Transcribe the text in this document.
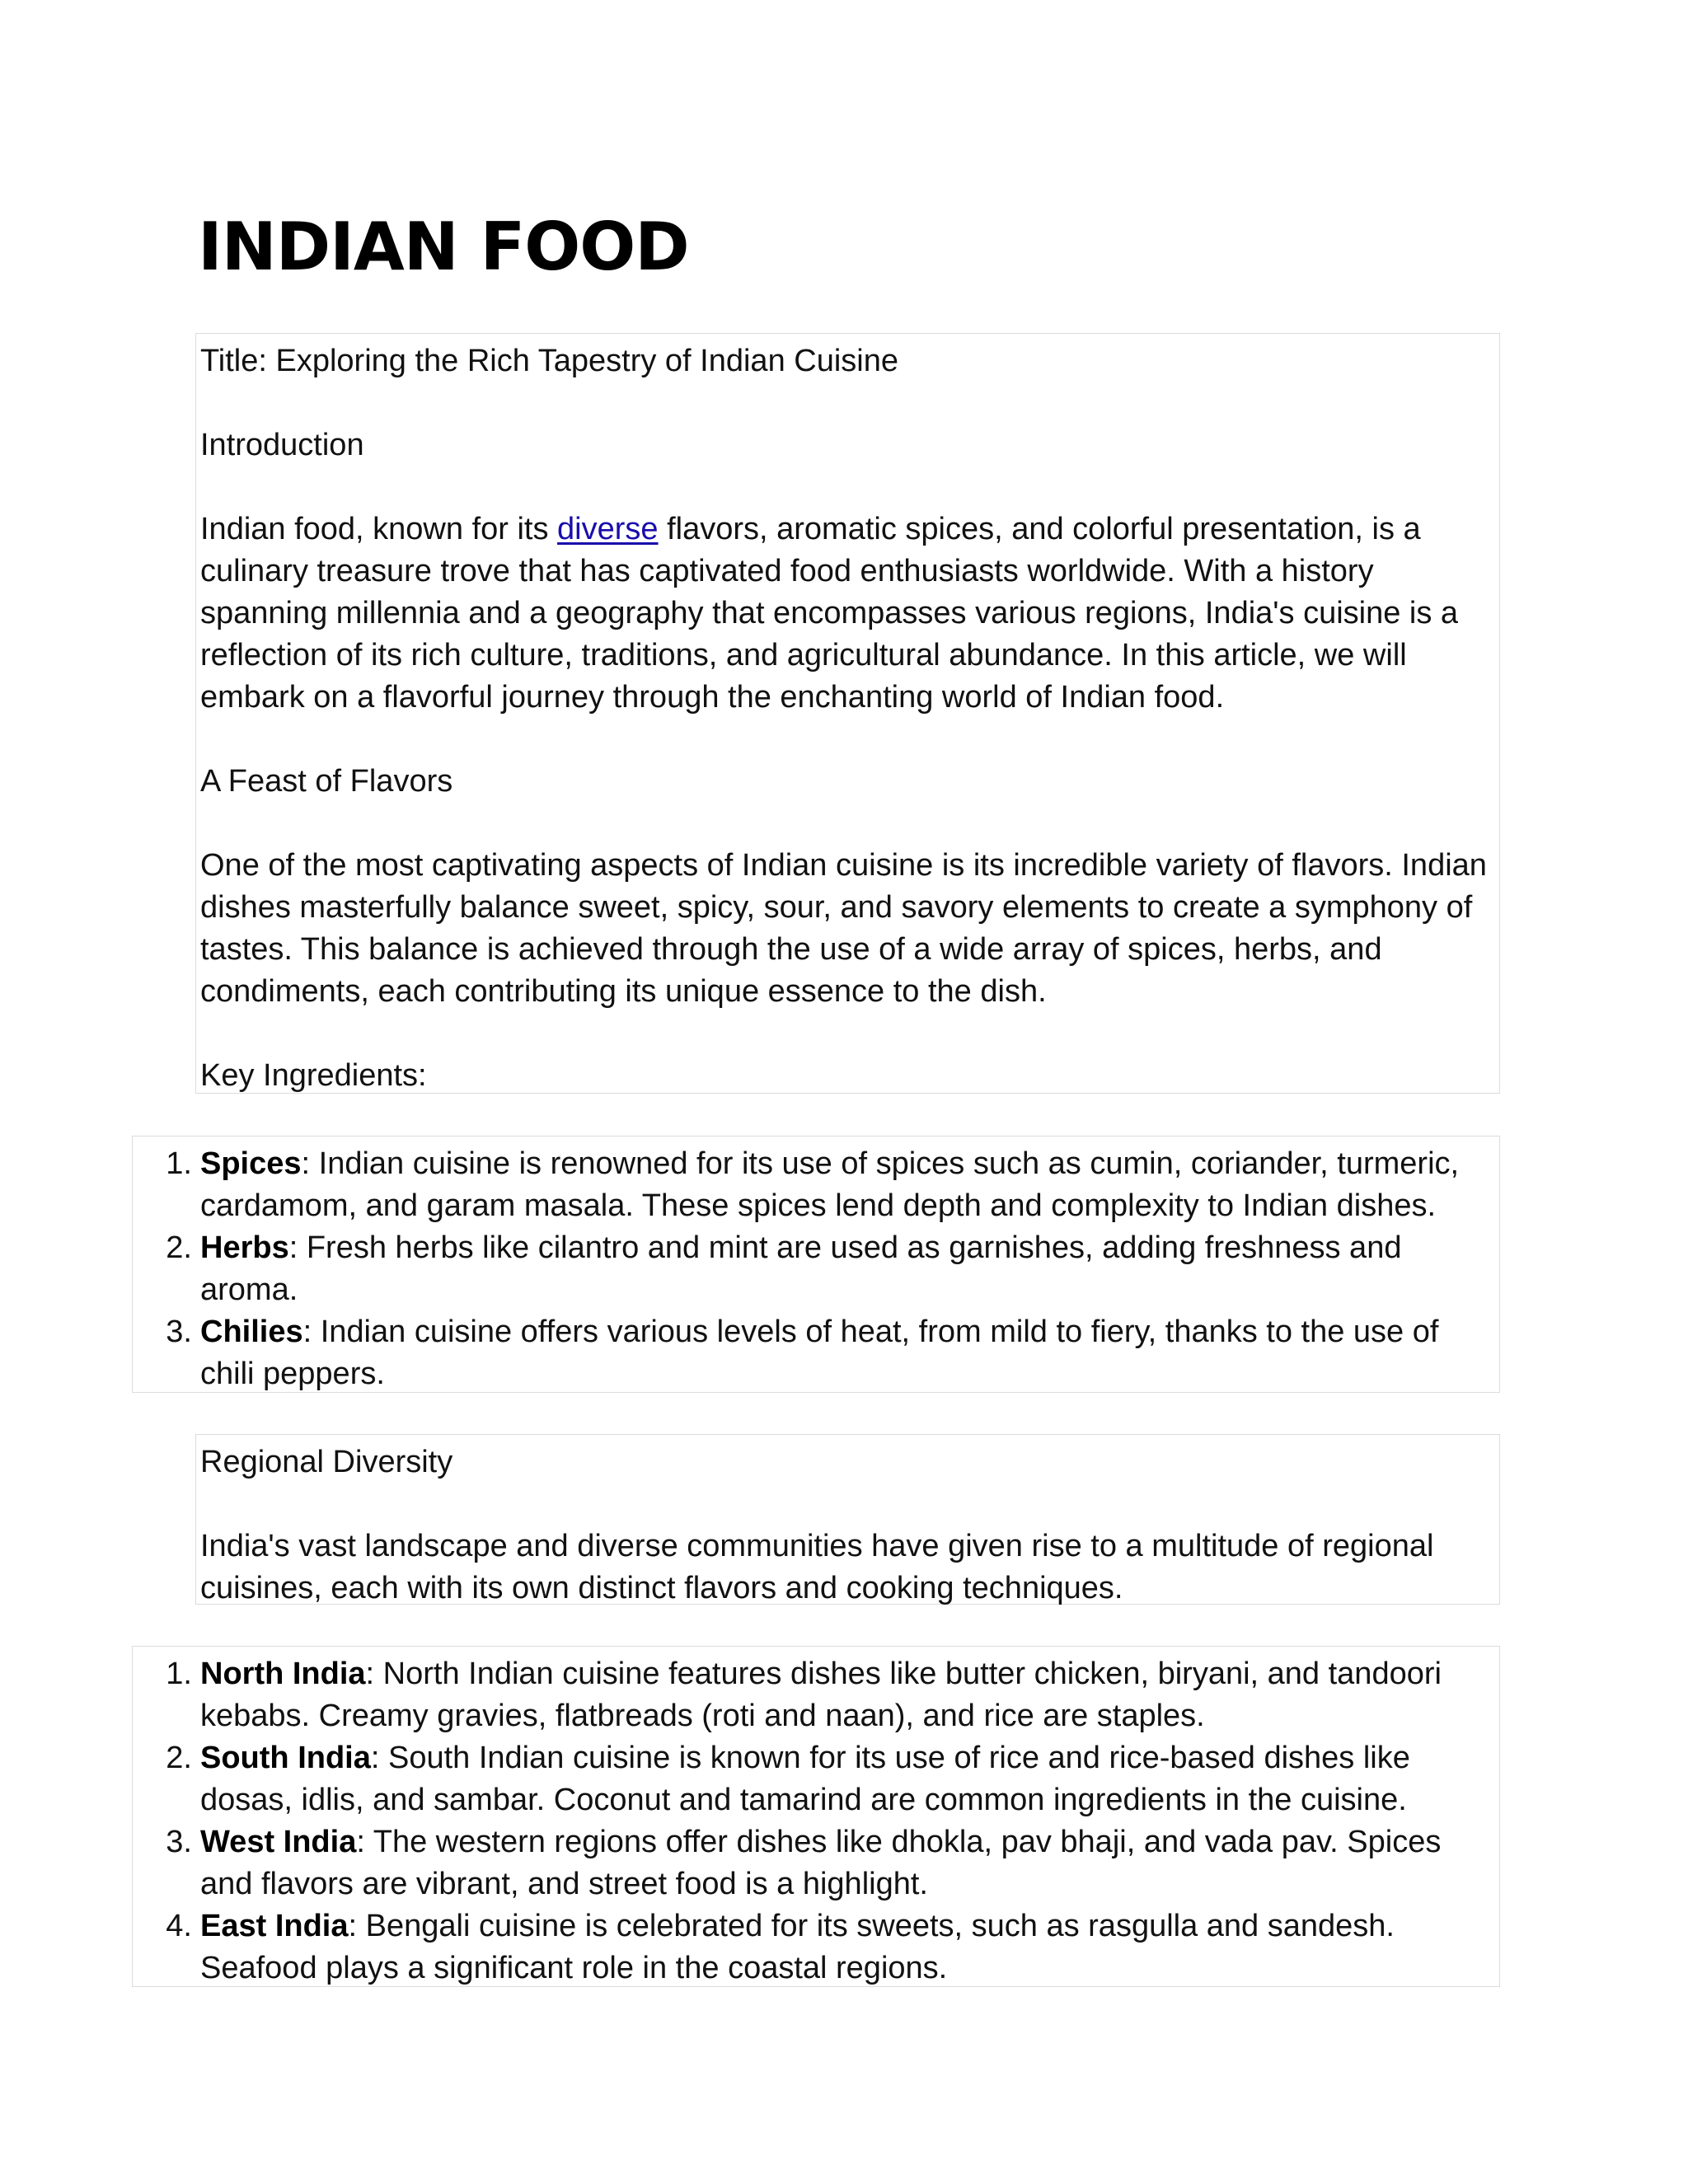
INDIAN FOOD

Title: Exploring the Rich Tapestry of Indian Cuisine

Introduction

Indian food, known for its diverse flavors, aromatic spices, and colorful presentation, is a culinary treasure trove that has captivated food enthusiasts worldwide. With a history spanning millennia and a geography that encompasses various regions, India's cuisine is a reflection of its rich culture, traditions, and agricultural abundance. In this article, we will embark on a flavorful journey through the enchanting world of Indian food.

A Feast of Flavors

One of the most captivating aspects of Indian cuisine is its incredible variety of flavors. Indian dishes masterfully balance sweet, spicy, sour, and savory elements to create a symphony of tastes. This balance is achieved through the use of a wide array of spices, herbs, and condiments, each contributing its unique essence to the dish.

Key Ingredients:

1. Spices: Indian cuisine is renowned for its use of spices such as cumin, coriander, turmeric, cardamom, and garam masala. These spices lend depth and complexity to Indian dishes.
2. Herbs: Fresh herbs like cilantro and mint are used as garnishes, adding freshness and aroma.
3. Chilies: Indian cuisine offers various levels of heat, from mild to fiery, thanks to the use of chili peppers.

Regional Diversity

India's vast landscape and diverse communities have given rise to a multitude of regional cuisines, each with its own distinct flavors and cooking techniques.

1. North India: North Indian cuisine features dishes like butter chicken, biryani, and tandoori kebabs. Creamy gravies, flatbreads (roti and naan), and rice are staples.
2. South India: South Indian cuisine is known for its use of rice and rice-based dishes like dosas, idlis, and sambar. Coconut and tamarind are common ingredients in the cuisine.
3. West India: The western regions offer dishes like dhokla, pav bhaji, and vada pav. Spices and flavors are vibrant, and street food is a highlight.
4. East India: Bengali cuisine is celebrated for its sweets, such as rasgulla and sandesh. Seafood plays a significant role in the coastal regions.
